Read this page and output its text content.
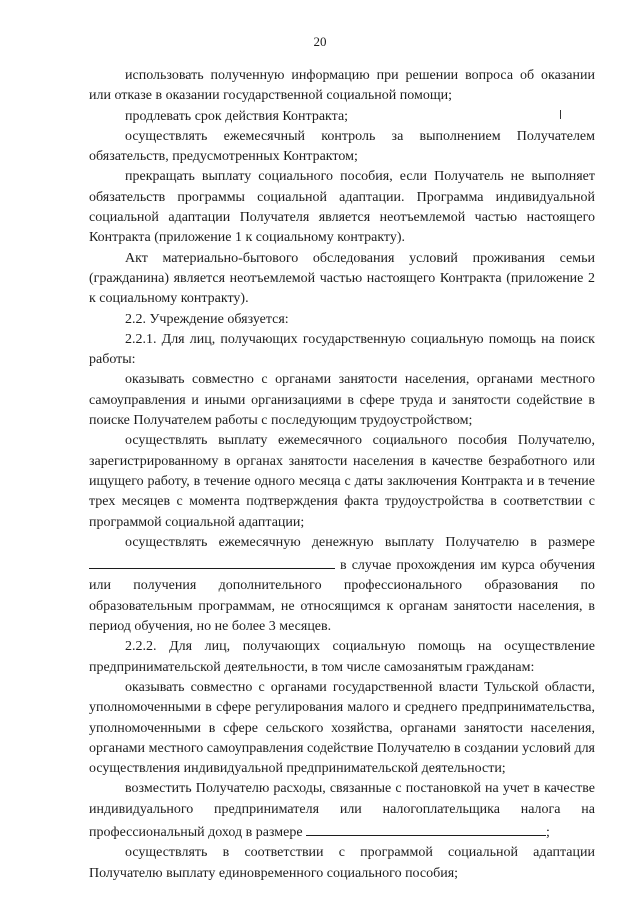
20

использовать полученную информацию при решении вопроса об оказании или отказе в оказании государственной социальной помощи;

продлевать срок действия Контракта;

осуществлять ежемесячный контроль за выполнением Получателем обязательств, предусмотренных Контрактом;

прекращать выплату социального пособия, если Получатель не выполняет обязательств программы социальной адаптации. Программа индивидуальной социальной адаптации Получателя является неотъемлемой частью настоящего Контракта (приложение 1 к социальному контракту).

Акт материально-бытового обследования условий проживания семьи (гражданина) является неотъемлемой частью настоящего Контракта (приложение 2 к социальному контракту).

2.2. Учреждение обязуется:

2.2.1. Для лиц, получающих государственную социальную помощь на поиск работы:

оказывать совместно с органами занятости населения, органами местного самоуправления и иными организациями в сфере труда и занятости содействие в поиске Получателем работы с последующим трудоустройством;

осуществлять выплату ежемесячного социального пособия Получателю, зарегистрированному в органах занятости населения в качестве безработного или ищущего работу, в течение одного месяца с даты заключения Контракта и в течение трех месяцев с момента подтверждения факта трудоустройства в соответствии с программой социальной адаптации;

осуществлять ежемесячную денежную выплату Получателю в размере  в случае прохождения им курса обучения или получения дополнительного профессионального образования по образовательным программам, не относящимся к органам занятости населения, в период обучения, но не более 3 месяцев.

2.2.2. Для лиц, получающих социальную помощь на осуществление предпринимательской деятельности, в том числе самозанятым гражданам:

оказывать совместно с органами государственной власти Тульской области, уполномоченными в сфере регулирования малого и среднего предпринимательства, уполномоченными в сфере сельского хозяйства, органами занятости населения, органами местного самоуправления содействие Получателю в создании условий для осуществления индивидуальной предпринимательской деятельности;

возместить Получателю расходы, связанные с постановкой на учет в качестве индивидуального предпринимателя или налогоплательщика налога на профессиональный доход в размере	;

осуществлять в соответствии с программой социальной адаптации Получателю выплату единовременного социального пособия;
